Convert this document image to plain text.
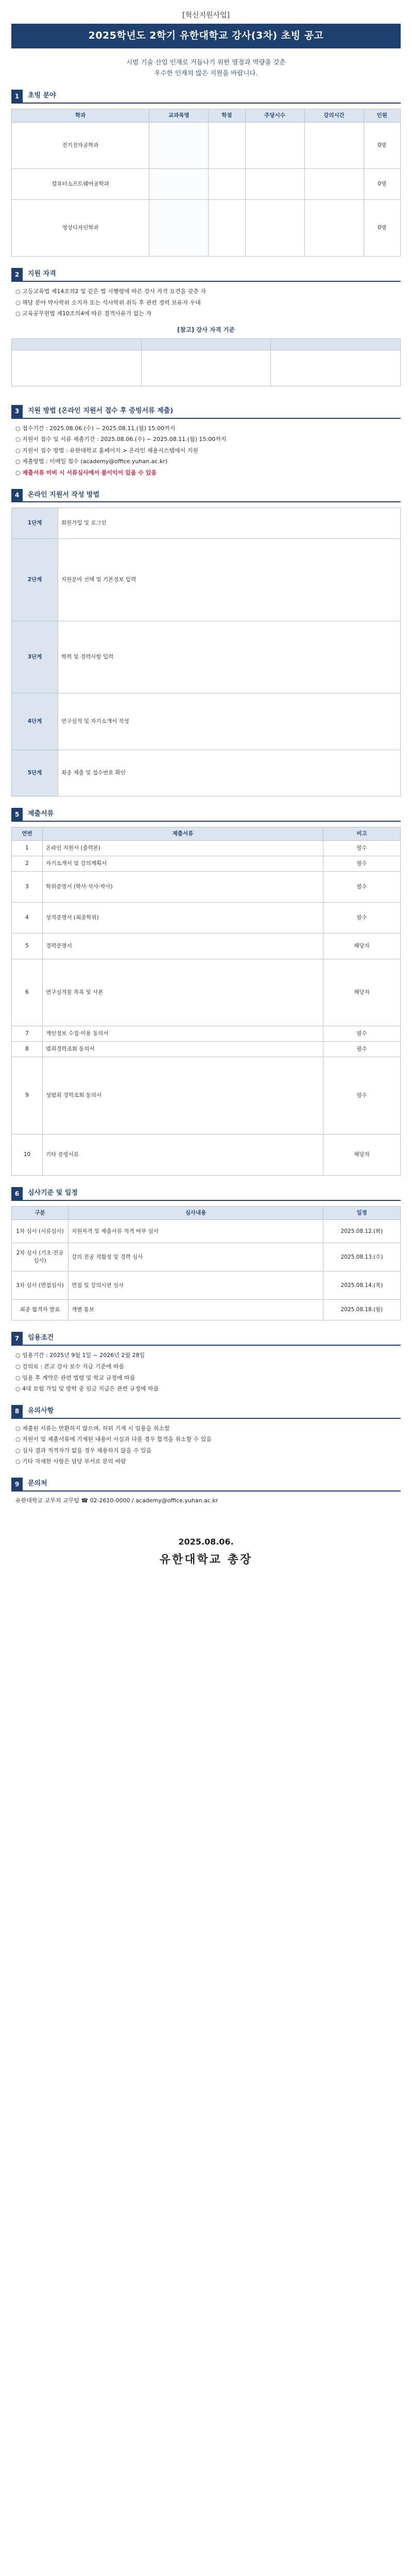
[혁신지원사업]
2025학년도 2학기 유한대학교 강사(3차) 초빙 공고
시범 기술 산업 인재로 거듭나기 위한 열정과 역량을 갖춘
우수한 인재의 많은 지원을 바랍니다.
1	초빙 분야
학과	교과목명	학점	주당시수	강의시간	인원
전기전자공학과					0명
컴퓨터소프트웨어공학과					0명
영상디자인학과					0명
2	지원 자격
○ 고등교육법 제14조의2 및 같은 법 시행령에 따른 강사 자격 요건을 갖춘 자
○ 해당 분야 박사학위 소지자 또는 석사학위 취득 후 관련 경력 보유자 우대
○ 교육공무원법 제10조의4에 따른 결격사유가 없는 자
[참고] 강사 자격 기준

3	지원 방법 (온라인 지원서 접수 후 증빙서류 제출)
○ 접수기간 : 2025.08.06.(수) ~ 2025.08.11.(월) 15:00까지
○ 지원서 접수 및 서류 제출기간 : 2025.08.06.(수) ~ 2025.08.11.(월) 15:00까지
○ 지원서 접수 방법 : 유한대학교 홈페이지 > 온라인 채용시스템에서 지원
○ 제출방법 : 이메일 접수 (academy@office.yuhan.ac.kr)
○ 제출서류 미비 시 서류심사에서 불이익이 있을 수 있음
4	온라인 지원서 작성 방법
1단계	회원가입 및 로그인
2단계	지원분야 선택 및 기본정보 입력
3단계	학력 및 경력사항 입력
4단계	연구실적 및 자기소개서 작성
5단계	최종 제출 및 접수번호 확인
5	제출서류
연번	제출서류	비고
1	온라인 지원서 (출력본)	필수
2	자기소개서 및 강의계획서	필수
3	학위증명서 (학사·석사·박사)	필수
4	성적증명서 (최종학위)	필수
5	경력증명서	해당자
6	연구실적물 목록 및 사본	해당자
7	개인정보 수집·이용 동의서	필수
8	범죄경력조회 동의서	필수
9	성범죄 경력조회 동의서	필수
10	기타 증빙서류	해당자
6	심사기준 및 일정
구분	심사내용	일정
1차 심사 (서류심사)	지원자격 및 제출서류 적격 여부 심사	2025.08.12.(화)
2차 심사 (기초·전공심사)	강의 전공 적합성 및 경력 심사	2025.08.13.(수)
3차 심사 (면접심사)	면접 및 강의시연 심사	2025.08.14.(목)
최종 합격자 발표	개별 통보	2025.08.18.(월)
7	임용조건
○ 임용기간 : 2025년 9월 1일 ~ 2026년 2월 28일
○ 강의료 : 본교 강사 보수 지급 기준에 따름
○ 임용 후 계약은 관련 법령 및 학교 규정에 따름
○ 4대 보험 가입 및 방학 중 임금 지급은 관련 규정에 따름
8	유의사항
○ 제출된 서류는 반환하지 않으며, 허위 기재 시 임용을 취소함
○ 지원서 및 제출서류에 기재된 내용이 사실과 다를 경우 합격을 취소할 수 있음
○ 심사 결과 적격자가 없을 경우 채용하지 않을 수 있음
○ 기타 자세한 사항은 담당 부서로 문의 바람
9	문의처
유한대학교 교무처 교무팀 ☎ 02-2610-0000 / academy@office.yuhan.ac.kr
2025.08.06.
유한대학교 총장
